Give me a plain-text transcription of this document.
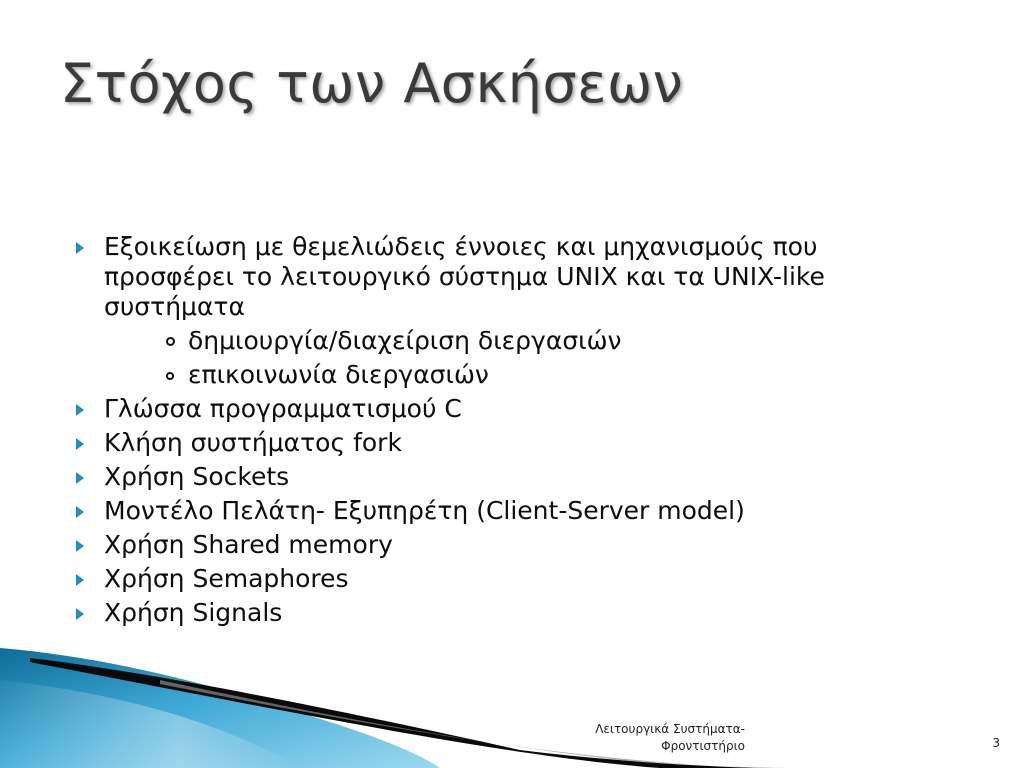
Στόχος των Ασκήσεων
Εξοικείωση με θεμελιώδεις έννοιες και μηχανισμούς που προσφέρει το λειτουργικό σύστημα UNIX και τα UNIX-like συστήματα
δημιουργία/διαχείριση διεργασιών
επικοινωνία διεργασιών
Γλώσσα προγραμματισμού C
Κλήση συστήματος fork
Χρήση Sockets
Μοντέλο Πελάτη- Εξυπηρέτη (Client-Server model)
Χρήση Shared memory
Χρήση Semaphores
Χρήση Signals
Λειτουργικά Συστήματα-
Φροντιστήριο	3
